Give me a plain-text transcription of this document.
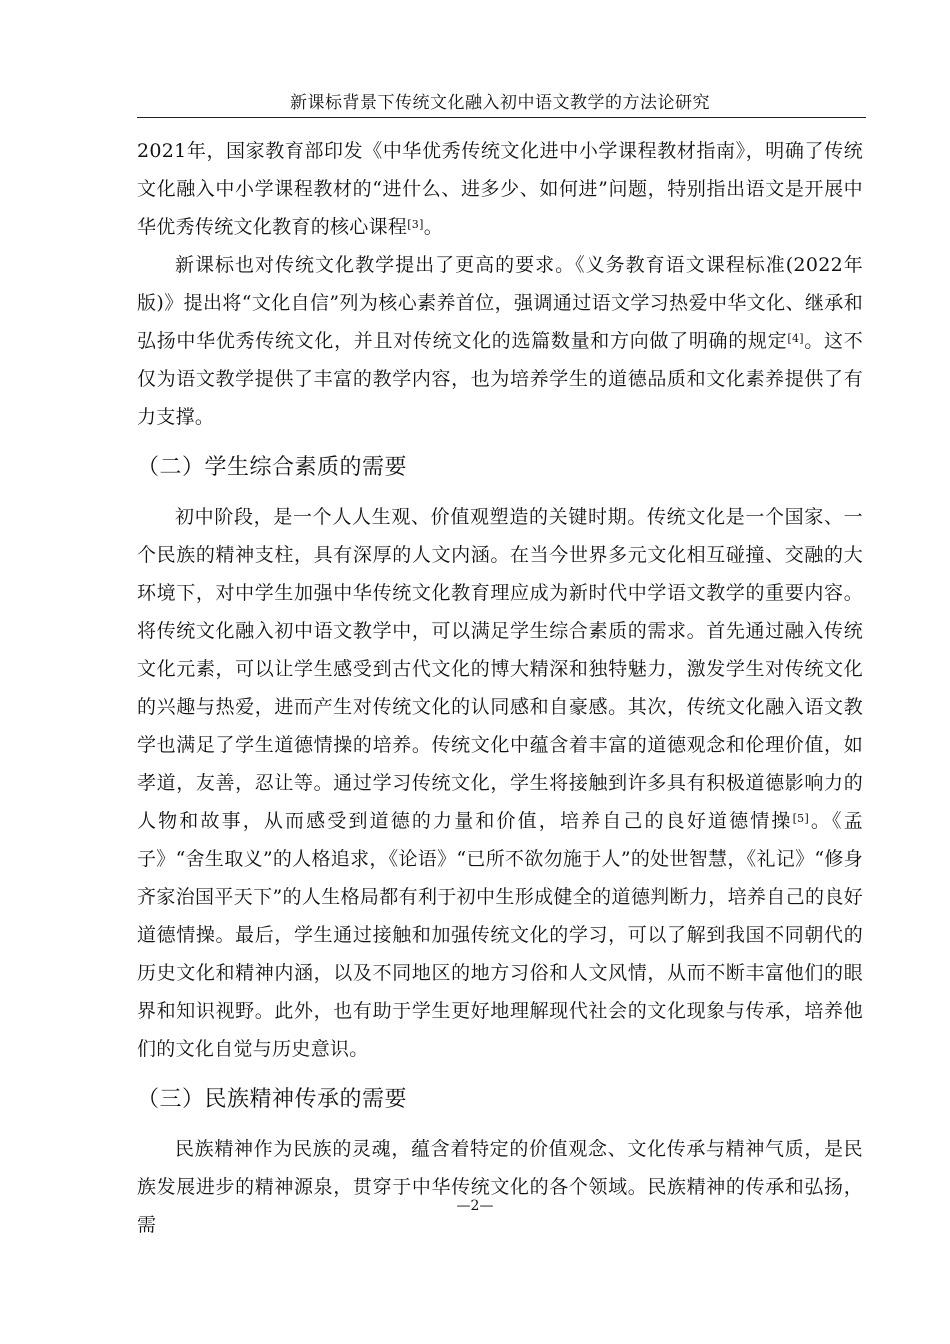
新课标背景下传统文化融入初中语文教学的方法论研究

2021年，国家教育部印发《中华优秀传统文化进中小学课程教材指南》，明确了传统文化融入中小学课程教材的“进什么、进多少、如何进”问题，特别指出语文是开展中华优秀传统文化教育的核心课程[3]。

新课标也对传统文化教学提出了更高的要求。《义务教育语文课程标准(2022年版)》提出将“文化自信”列为核心素养首位，强调通过语文学习热爱中华文化、继承和弘扬中华优秀传统文化，并且对传统文化的选篇数量和方向做了明确的规定[4]。这不仅为语文教学提供了丰富的教学内容，也为培养学生的道德品质和文化素养提供了有力支撑。

（二）学生综合素质的需要

初中阶段，是一个人人生观、价值观塑造的关键时期。传统文化是一个国家、一个民族的精神支柱，具有深厚的人文内涵。在当今世界多元文化相互碰撞、交融的大环境下，对中学生加强中华传统文化教育理应成为新时代中学语文教学的重要内容。将传统文化融入初中语文教学中，可以满足学生综合素质的需求。首先通过融入传统文化元素，可以让学生感受到古代文化的博大精深和独特魅力，激发学生对传统文化的兴趣与热爱，进而产生对传统文化的认同感和自豪感。其次，传统文化融入语文教学也满足了学生道德情操的培养。传统文化中蕴含着丰富的道德观念和伦理价值，如孝道，友善，忍让等。通过学习传统文化，学生将接触到许多具有积极道德影响力的人物和故事，从而感受到道德的力量和价值，培养自己的良好道德情操[5]。《孟子》“舍生取义”的人格追求，《论语》“已所不欲勿施于人”的处世智慧，《礼记》“修身齐家治国平天下”的人生格局都有利于初中生形成健全的道德判断力，培养自己的良好道德情操。最后，学生通过接触和加强传统文化的学习，可以了解到我国不同朝代的历史文化和精神内涵，以及不同地区的地方习俗和人文风情，从而不断丰富他们的眼界和知识视野。此外，也有助于学生更好地理解现代社会的文化现象与传承，培养他们的文化自觉与历史意识。

（三）民族精神传承的需要

民族精神作为民族的灵魂，蕴含着特定的价值观念、文化传承与精神气质，是民族发展进步的精神源泉，贯穿于中华传统文化的各个领域。民族精神的传承和弘扬，需

—2—
